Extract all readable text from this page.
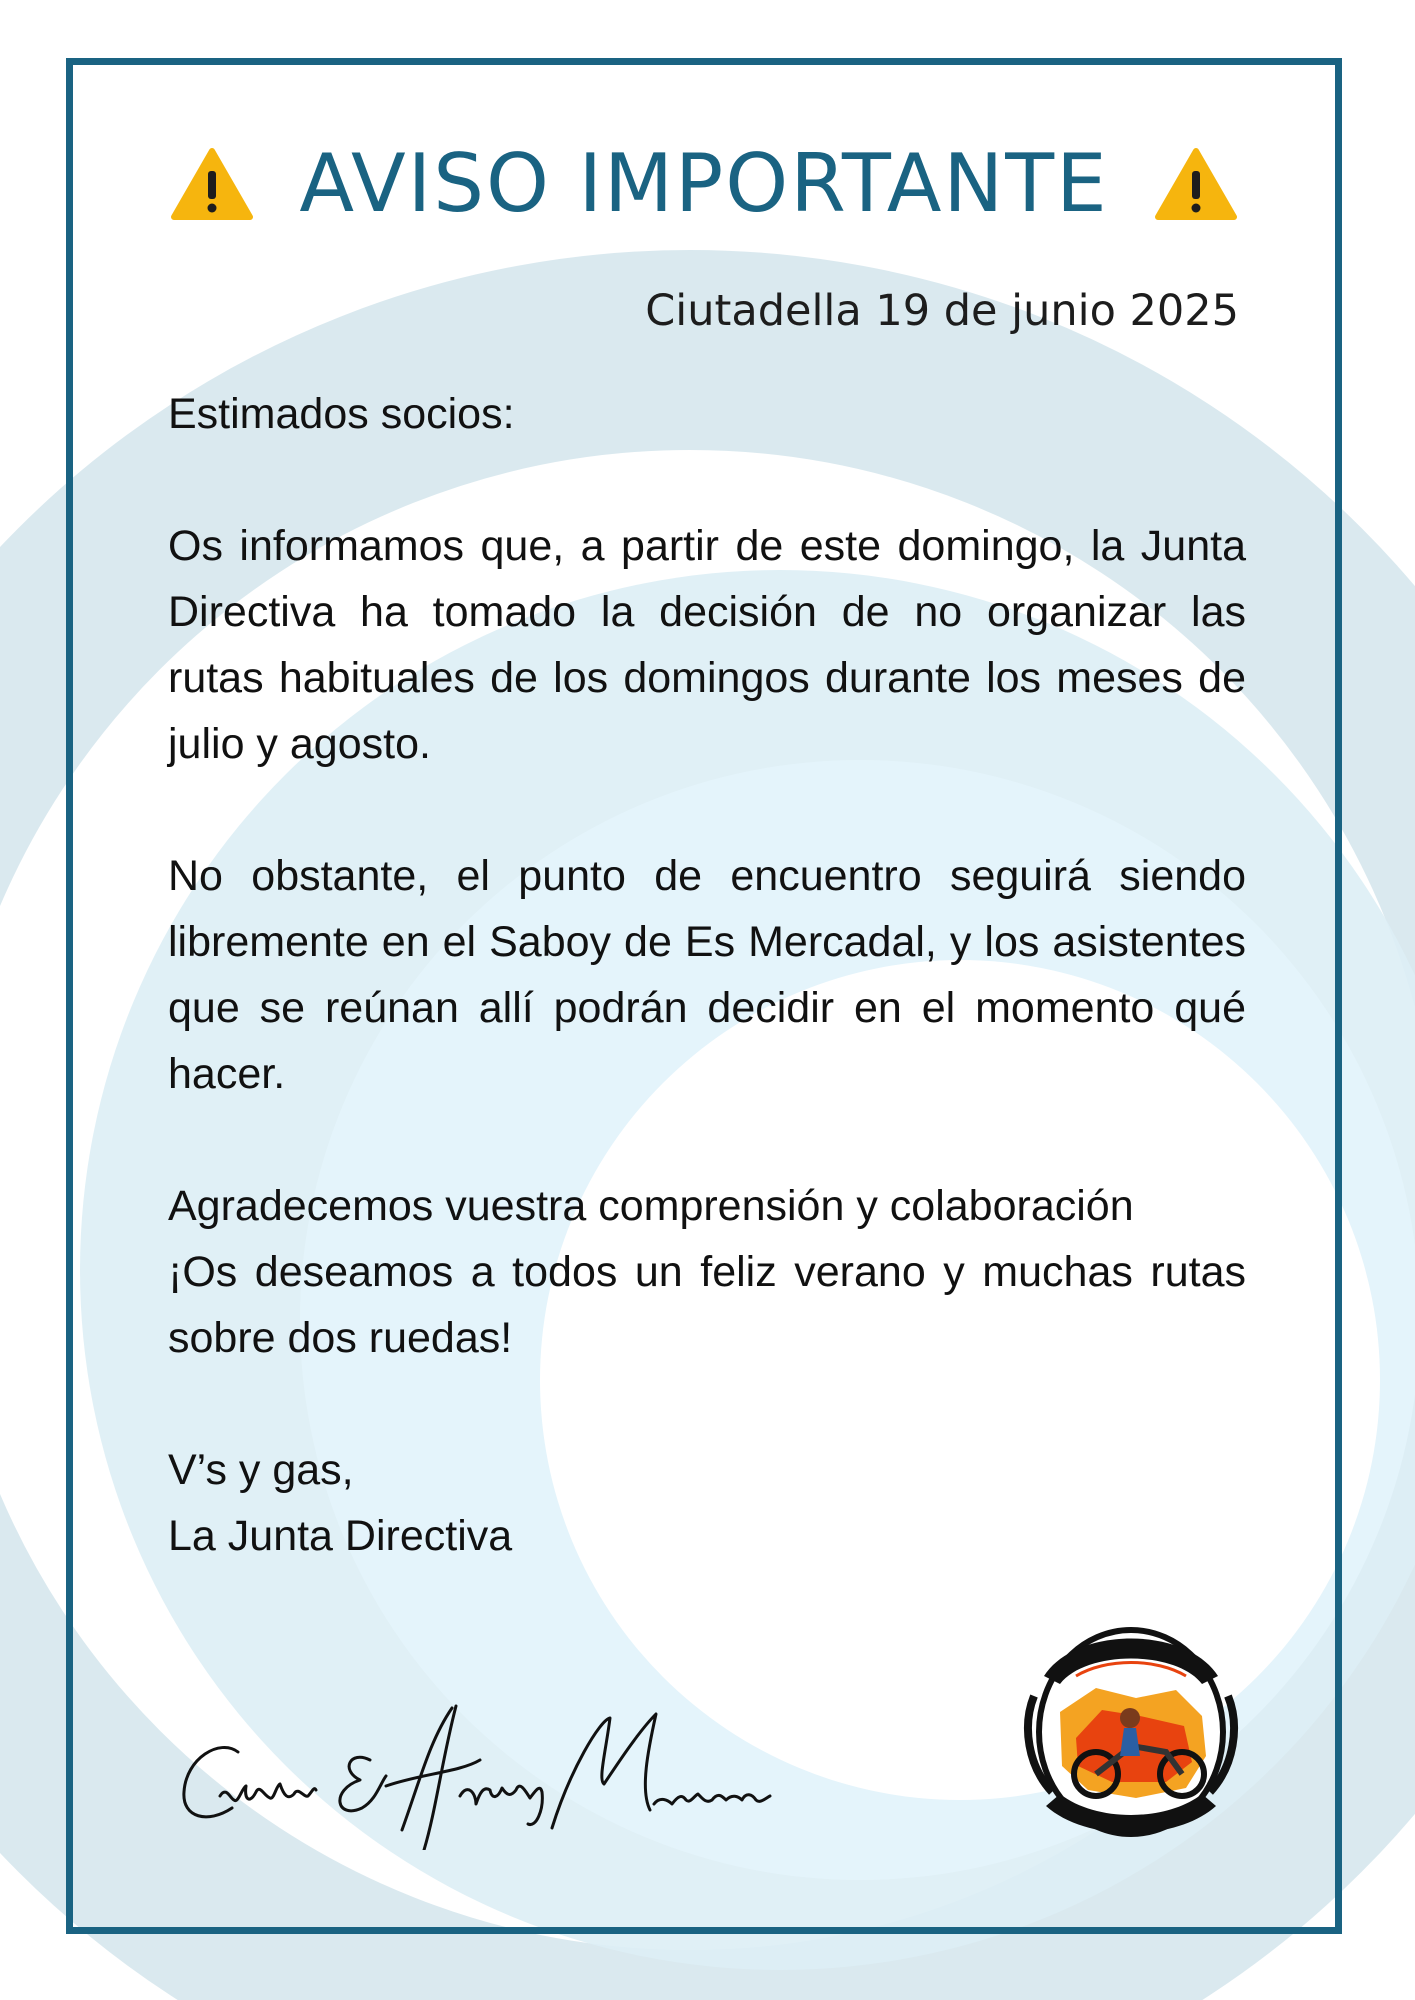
AVISO IMPORTANTE
Ciutadella 19 de junio 2025

Estimados socios:

Os informamos que, a partir de este domingo, la Junta Directiva ha tomado la decisión de no organizar las rutas habituales de los domingos durante los meses de julio y agosto.

No obstante, el punto de encuentro seguirá siendo libremente en el Saboy de Es Mercadal, y los asistentes que se reúnan allí podrán decidir en el momento qué hacer.

Agradecemos vuestra comprensión y colaboración

¡Os deseamos a todos un feliz verano y muchas rutas sobre dos ruedas!

V’s y gas,

La Junta Directiva
